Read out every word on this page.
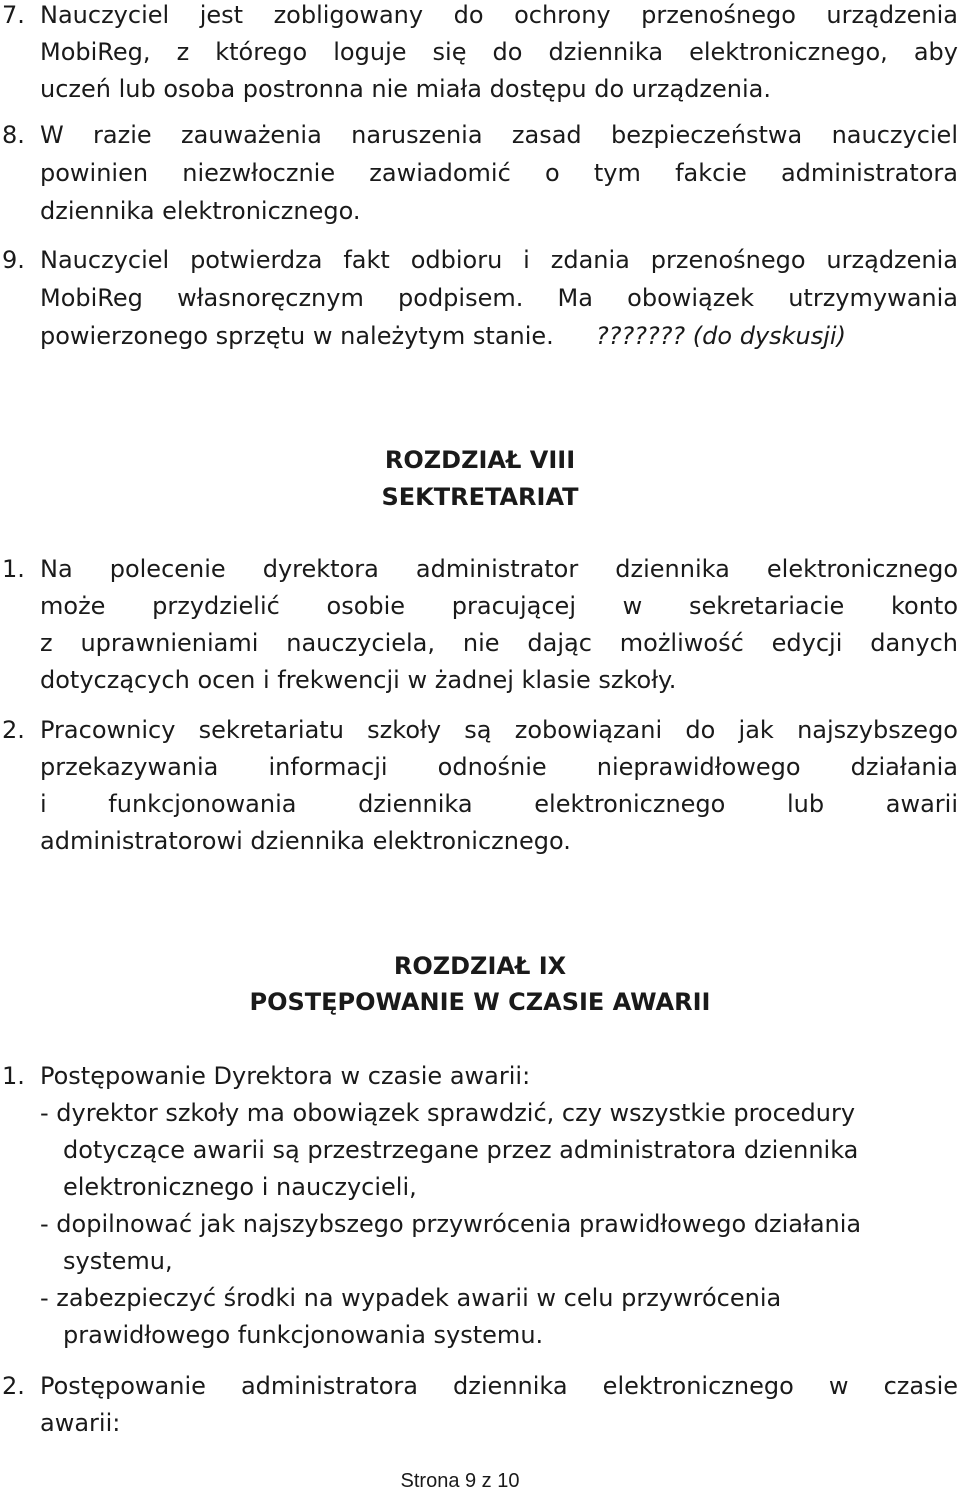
7. Nauczyciel jest zobligowany do ochrony przenośnego urządzenia
MobiReg, z którego loguje się do dziennika elektronicznego, aby
uczeń lub osoba postronna nie miała dostępu do urządzenia.
8. W razie zauważenia naruszenia zasad bezpieczeństwa nauczyciel
powinien niezwłocznie zawiadomić o tym fakcie administratora
dziennika elektronicznego.
9. Nauczyciel potwierdza fakt odbioru i zdania przenośnego urządzenia
MobiReg własnoręcznym podpisem. Ma obowiązek utrzymywania
powierzonego sprzętu w należytym stanie. ??????? (do dyskusji)
ROZDZIAŁ VIII
SEKTRETARIAT
1. Na polecenie dyrektora administrator dziennika elektronicznego
może przydzielić osobie pracującej w sekretariacie konto
z uprawnieniami nauczyciela, nie dając możliwość edycji danych
dotyczących ocen i frekwencji w żadnej klasie szkoły.
2. Pracownicy sekretariatu szkoły są zobowiązani do jak najszybszego
przekazywania informacji odnośnie nieprawidłowego działania
i funkcjonowania dziennika elektronicznego lub awarii
administratorowi dziennika elektronicznego.
ROZDZIAŁ IX
POSTĘPOWANIE W CZASIE AWARII
1. Postępowanie Dyrektora w czasie awarii:
- dyrektor szkoły ma obowiązek sprawdzić, czy wszystkie procedury
dotyczące awarii są przestrzegane przez administratora dziennika
elektronicznego i nauczycieli,
- dopilnować jak najszybszego przywrócenia prawidłowego działania
systemu,
- zabezpieczyć środki na wypadek awarii w celu przywrócenia
prawidłowego funkcjonowania systemu.
2. Postępowanie administratora dziennika elektronicznego w czasie
awarii:
Strona 9 z 10
